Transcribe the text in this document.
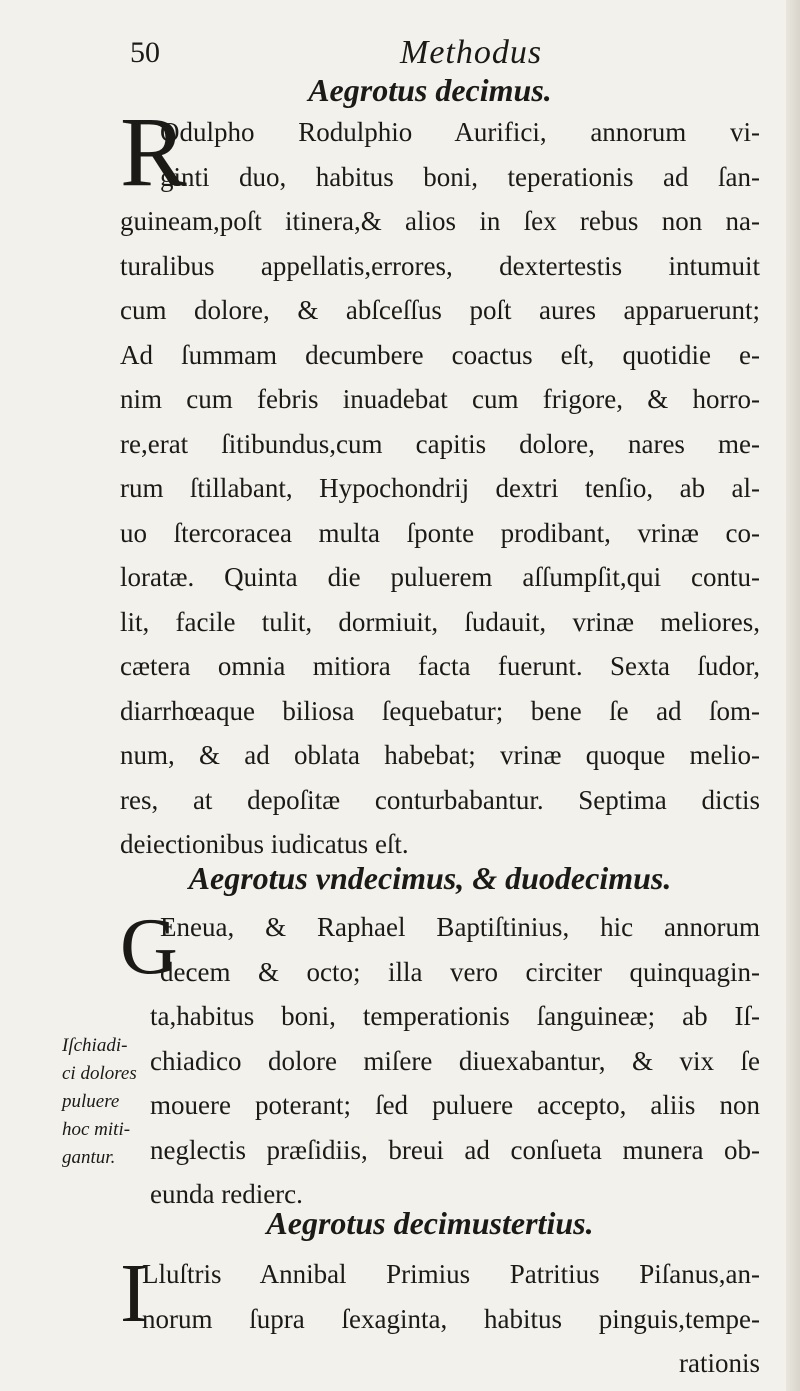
50	Methodus
Aegrotus decimus.
R
Odulpho Rodulphio Aurifici, annorum vi-
ginti duo, habitus boni, teperationis ad ſan-
guineam,poſt itinera,& alios in ſex rebus non na-
turalibus appellatis,errores, dextertestis intumuit
cum dolore, & abſceſſus poſt aures apparuerunt;
Ad ſummam decumbere coactus eſt, quotidie e-
nim cum febris inuadebat cum frigore, & horro-
re,erat ſitibundus,cum capitis dolore, nares me-
rum ſtillabant, Hypochondrij dextri tenſio, ab al-
uo ſtercoracea multa ſponte prodibant, vrinæ co-
loratæ. Quinta die puluerem aſſumpſit,qui contu-
lit, facile tulit, dormiuit, ſudauit, vrinæ meliores,
cætera omnia mitiora facta fuerunt. Sexta ſudor,
diarrhœaque biliosa ſequebatur; bene ſe ad ſom-
num, & ad oblata habebat; vrinæ quoque melio-
res, at depoſitæ conturbabantur. Septima dictis
deiectionibus iudicatus eſt.
Aegrotus vndecimus, & duodecimus.
G
Eneua, & Raphael Baptiſtinius, hic annorum
decem & octo; illa vero circiter quinquagin-
ta,habitus boni, temperationis ſanguineæ; ab Iſ-
chiadico dolore miſere diuexabantur, & vix ſe
mouere poterant; ſed puluere accepto, aliis non
neglectis præſidiis, breui ad conſueta munera ob-
eunda redierc.
Iſchiadi-
ci dolores
puluere
hoc miti-
gantur.
Aegrotus decimustertius.
I
Lluſtris Annibal Primius Patritius Piſanus,an-
norum ſupra ſexaginta, habitus pinguis,tempe-
rationis
